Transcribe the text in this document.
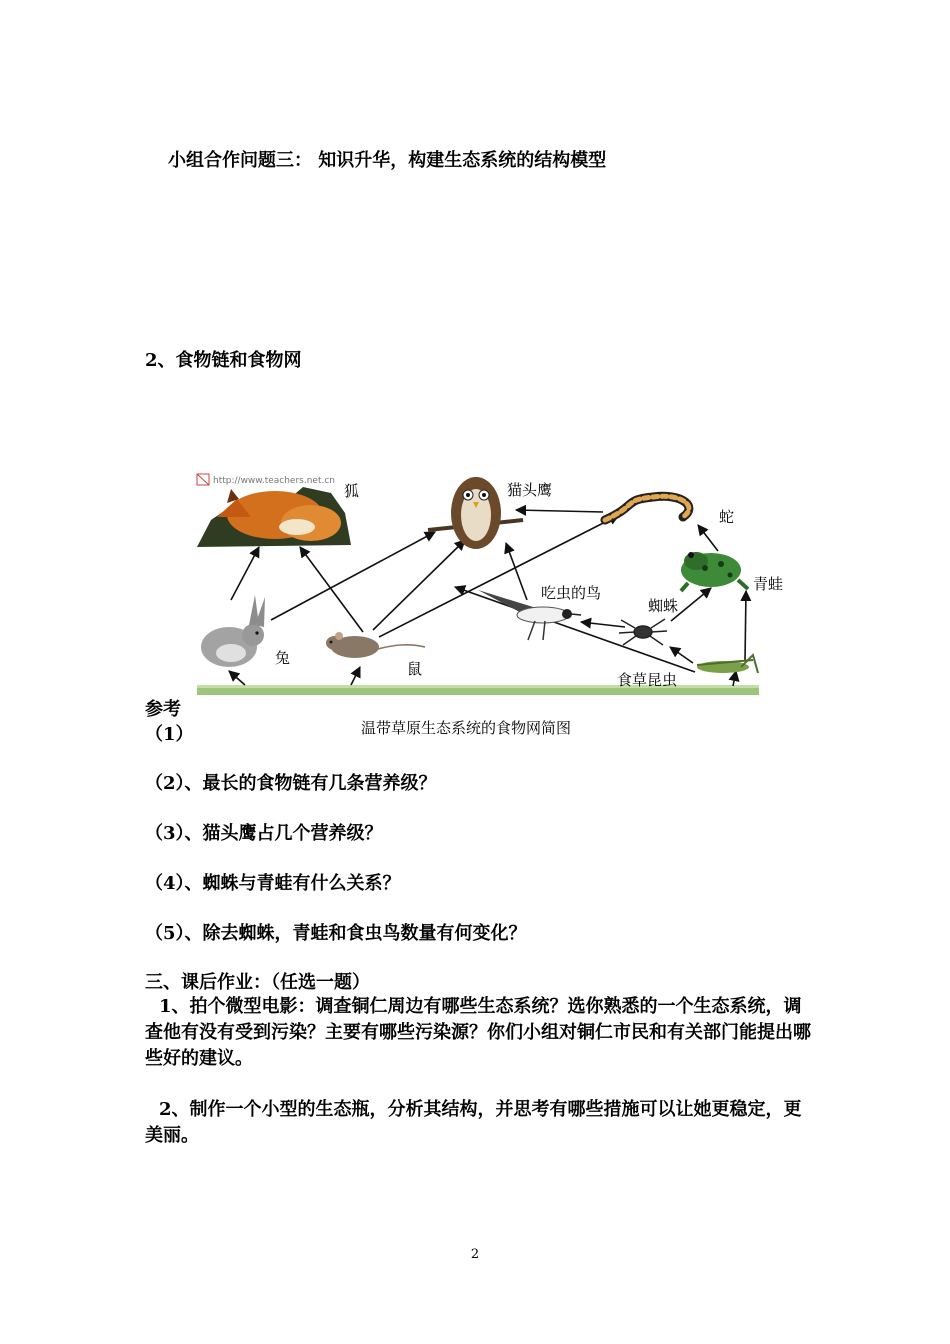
小组合作问题三： 知识升华，构建生态系统的结构模型

2、食物链和食物网

http://www.teachers.net.cn
狐	猫头鹰
蛇
青蛙
吃虫的鸟
蜘蛛
兔
鼠
食草昆虫
温带草原生态系统的食物网简图

参考

（1）

（2）、最长的食物链有几条营养级？

（3）、猫头鹰占几个营养级？

（4）、蜘蛛与青蛙有什么关系？

（5）、除去蜘蛛，青蛙和食虫鸟数量有何变化？

三、课后作业：（任选一题）

1、拍个微型电影：调查铜仁周边有哪些生态系统？选你熟悉的一个生态系统，调查他有没有受到污染？主要有哪些污染源？你们小组对铜仁市民和有关部门能提出哪些好的建议。

2、制作一个小型的生态瓶，分析其结构，并思考有哪些措施可以让她更稳定，更美丽。

2
